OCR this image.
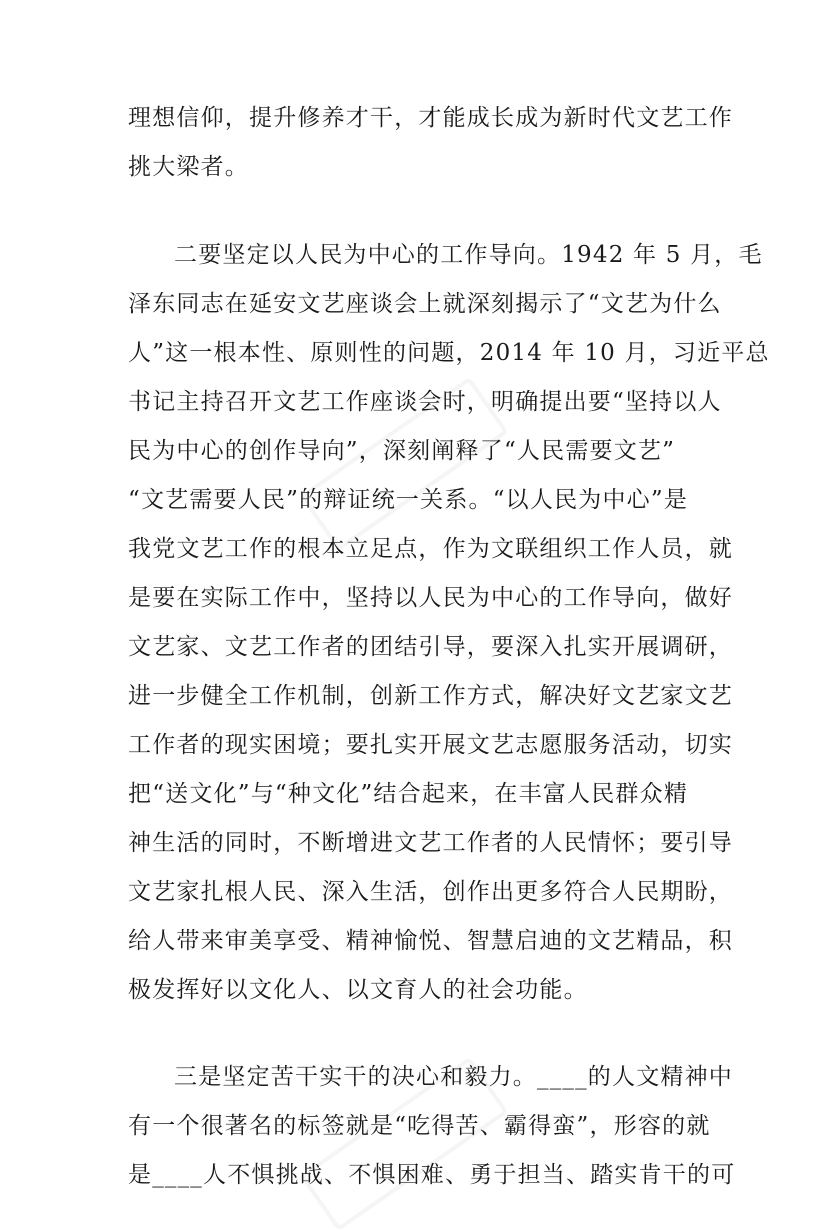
理想信仰，提升修养才干，才能成长成为新时代文艺工作
挑大梁者。
二要坚定以人民为中心的工作导向。1942 年 5 月，毛
泽东同志在延安文艺座谈会上就深刻揭示了“文艺为什么
人”这一根本性、原则性的问题，2014 年 10 月，习近平总
书记主持召开文艺工作座谈会时，明确提出要“坚持以人
民为中心的创作导向”，深刻阐释了“人民需要文艺”
“文艺需要人民”的辩证统一关系。“以人民为中心”是
我党文艺工作的根本立足点，作为文联组织工作人员，就
是要在实际工作中，坚持以人民为中心的工作导向，做好
文艺家、文艺工作者的团结引导，要深入扎实开展调研，
进一步健全工作机制，创新工作方式，解决好文艺家文艺
工作者的现实困境；要扎实开展文艺志愿服务活动，切实
把“送文化”与“种文化”结合起来，在丰富人民群众精
神生活的同时，不断增进文艺工作者的人民情怀；要引导
文艺家扎根人民、深入生活，创作出更多符合人民期盼，
给人带来审美享受、精神愉悦、智慧启迪的文艺精品，积
极发挥好以文化人、以文育人的社会功能。
三是坚定苦干实干的决心和毅力。____的人文精神中
有一个很著名的标签就是“吃得苦、霸得蛮”，形容的就
是____人不惧挑战、不惧困难、勇于担当、踏实肯干的可
